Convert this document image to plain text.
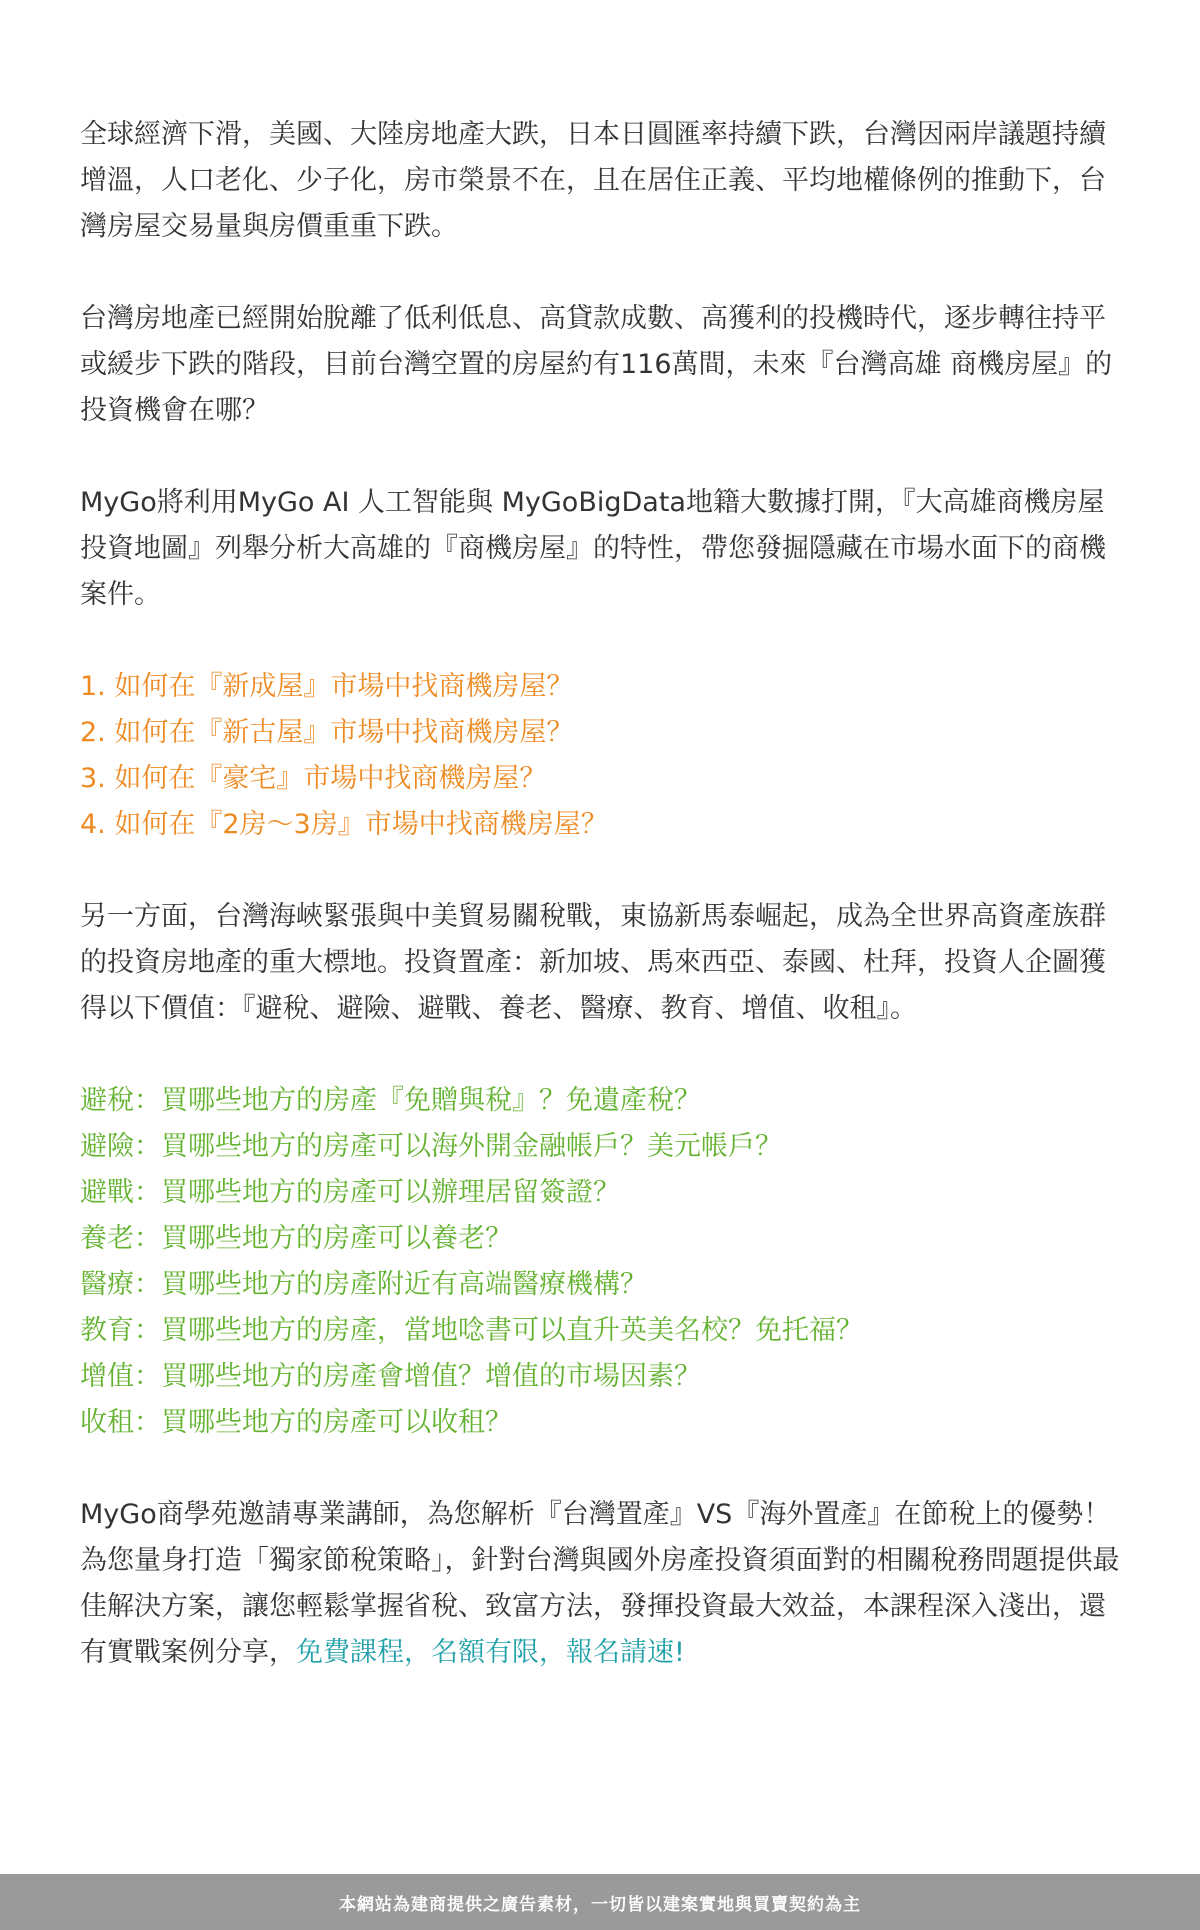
全球經濟下滑，美國、大陸房地產大跌，日本日圓匯率持續下跌，台灣因兩岸議題持續增溫，人口老化、少子化，房市榮景不在，且在居住正義、平均地權條例的推動下，台灣房屋交易量與房價重重下跌。

台灣房地產已經開始脫離了低利低息、高貸款成數、高獲利的投機時代，逐步轉往持平或緩步下跌的階段，目前台灣空置的房屋約有116萬間，未來『台灣高雄 商機房屋』的投資機會在哪？

MyGo將利用MyGo AI 人工智能與 MyGoBigData地籍大數據打開，『大高雄商機房屋投資地圖』列舉分析大高雄的『商機房屋』的特性，帶您發掘隱藏在市場水面下的商機案件。

1. 如何在『新成屋』市場中找商機房屋？
2. 如何在『新古屋』市場中找商機房屋？
3. 如何在『豪宅』市場中找商機房屋？
4. 如何在『2房～3房』市場中找商機房屋？

另一方面，台灣海峽緊張與中美貿易關稅戰，東協新馬泰崛起，成為全世界高資產族群的投資房地產的重大標地。投資置產：新加坡、馬來西亞、泰國、杜拜，投資人企圖獲得以下價值：『避稅、避險、避戰、養老、醫療、教育、增值、收租』。

避稅：買哪些地方的房產『免贈與稅』？免遺產稅？
避險：買哪些地方的房產可以海外開金融帳戶？美元帳戶？
避戰：買哪些地方的房產可以辦理居留簽證？
養老：買哪些地方的房產可以養老？
醫療：買哪些地方的房產附近有高端醫療機構？
教育：買哪些地方的房產，當地唸書可以直升英美名校？免托福？
增值：買哪些地方的房產會增值？增值的市場因素？
收租：買哪些地方的房產可以收租？

MyGo商學苑邀請專業講師，為您解析『台灣置產』VS『海外置產』在節稅上的優勢！為您量身打造「獨家節稅策略」，針對台灣與國外房產投資須面對的相關稅務問題提供最佳解決方案，讓您輕鬆掌握省稅、致富方法，發揮投資最大效益，本課程深入淺出，還有實戰案例分享，免費課程，名額有限，報名請速!

本網站為建商提供之廣告素材，一切皆以建案實地與買賣契約為主
